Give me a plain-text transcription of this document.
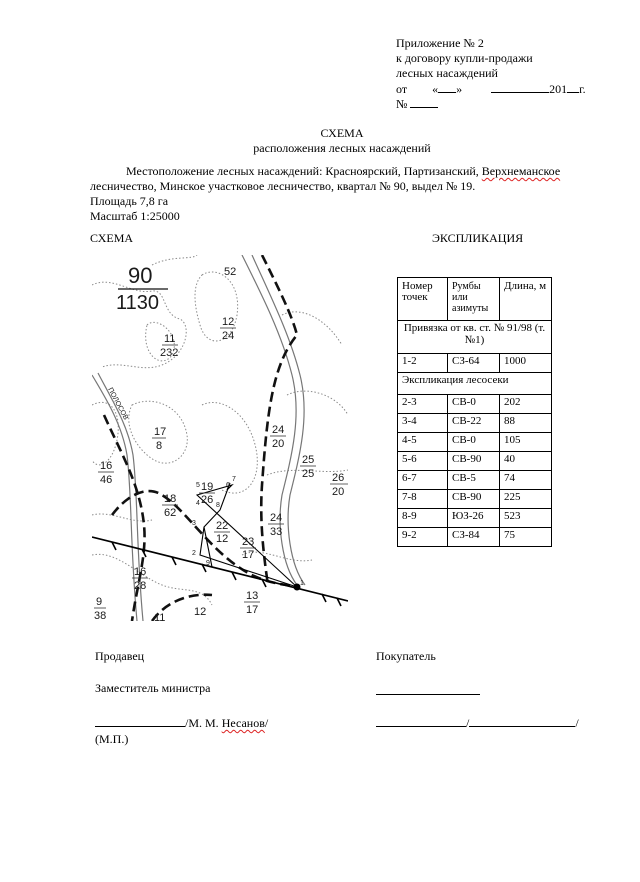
Приложение № 2
к договору купли-продажи
лесных насаждений
от « »	201 г.
№
СХЕМА
расположения лесных насаждений
Местоположение лесных насаждений: Красноярский, Партизанский, Верхнеманское
лесничество, Минское участковое лесничество, квартал № 90, выдел № 19.
Площадь 7,8 га
Масштаб 1:25000
СХЕМА	ЭКСПЛИКАЦИЯ
90
1130
ПОЛОСОВ
11
232
12
24
17
8
16
46
24
20
25
25 26
20
18
62
19
26
22
12 23
17
24
33
16
28
13
17
9
38	12
11
52
1
2
3
4
5	6
7
8
9
Номер точек	Румбы или азимуты	Длина, м
Привязка от кв. ст. № 91/98 (т. №1)		
1-2	СЗ-64	1000
Экспликация лесосеки		
2-3	СВ-0	202
3-4	СВ-22	88
4-5	СВ-0	105
5-6	СВ-90	40
6-7	СВ-5	74
7-8	СВ-90	225
8-9	ЮЗ-26	523
9-2	СЗ-84	75
Продавец	Покупатель
Заместитель министра
/М. М. Несанов/	/	/
(М.П.)
